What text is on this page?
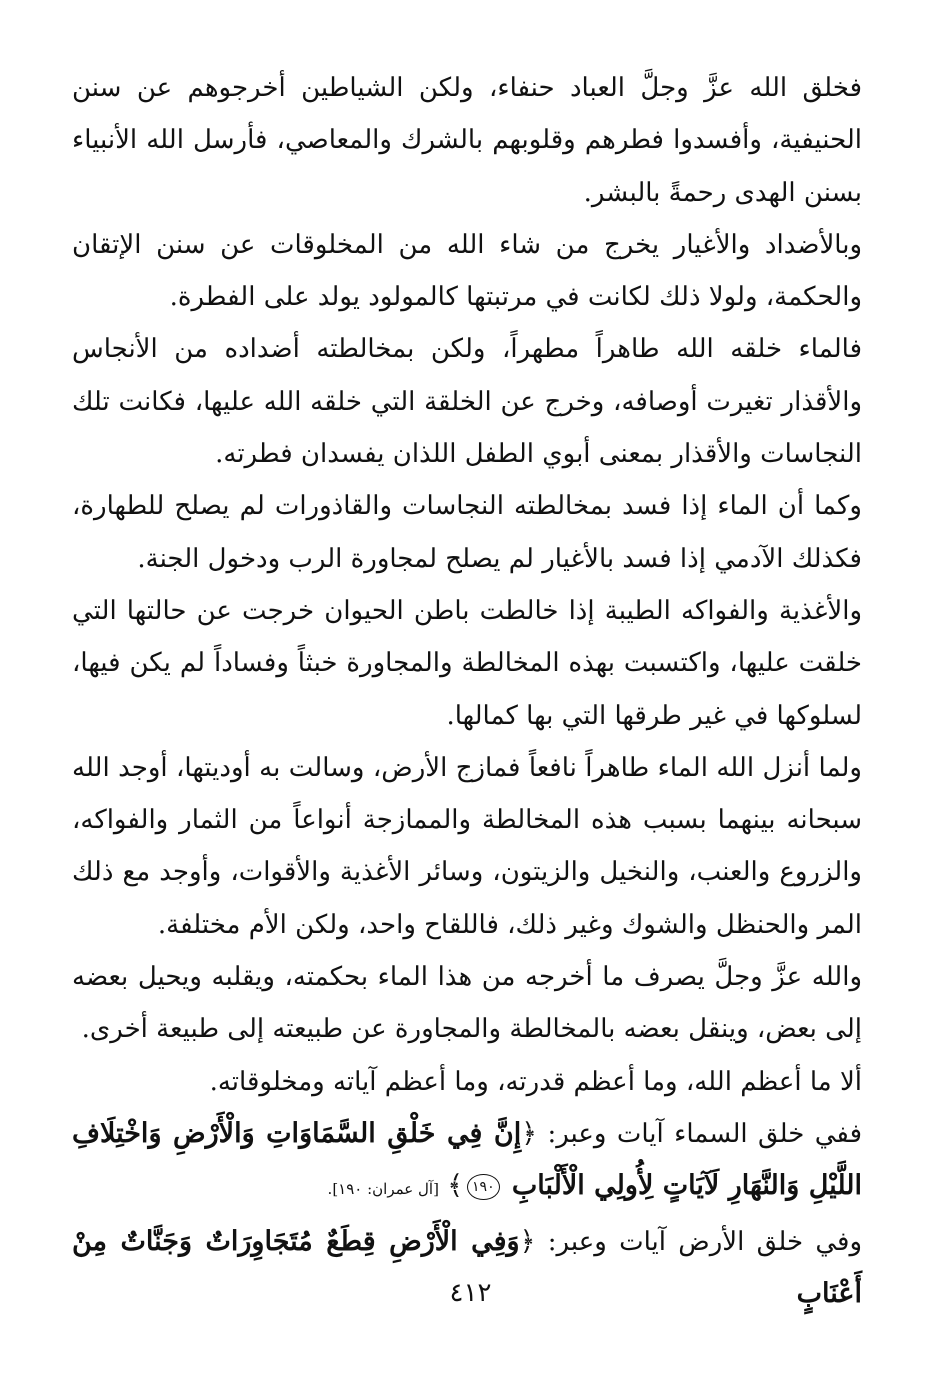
فخلق الله عزَّ وجلَّ العباد حنفاء، ولكن الشياطين أخرجوهم عن سنن الحنيفية، وأفسدوا فطرهم وقلوبهم بالشرك والمعاصي، فأرسل الله الأنبياء بسنن الهدى رحمةً بالبشر.

وبالأضداد والأغيار يخرج من شاء الله من المخلوقات عن سنن الإتقان والحكمة، ولولا ذلك لكانت في مرتبتها كالمولود يولد على الفطرة.

فالماء خلقه الله طاهراً مطهراً، ولكن بمخالطته أضداده من الأنجاس والأقذار تغيرت أوصافه، وخرج عن الخلقة التي خلقه الله عليها، فكانت تلك النجاسات والأقذار بمعنى أبوي الطفل اللذان يفسدان فطرته.

وكما أن الماء إذا فسد بمخالطته النجاسات والقاذورات لم يصلح للطهارة، فكذلك الآدمي إذا فسد بالأغيار لم يصلح لمجاورة الرب ودخول الجنة.

والأغذية والفواكه الطيبة إذا خالطت باطن الحيوان خرجت عن حالتها التي خلقت عليها، واكتسبت بهذه المخالطة والمجاورة خبثاً وفساداً لم يكن فيها، لسلوكها في غير طرقها التي بها كمالها.

ولما أنزل الله الماء طاهراً نافعاً فمازج الأرض، وسالت به أوديتها، أوجد الله سبحانه بينهما بسبب هذه المخالطة والممازجة أنواعاً من الثمار والفواكه، والزروع والعنب، والنخيل والزيتون، وسائر الأغذية والأقوات، وأوجد مع ذلك المر والحنظل والشوك وغير ذلك، فاللقاح واحد، ولكن الأم مختلفة.

والله عزَّ وجلَّ يصرف ما أخرجه من هذا الماء بحكمته، ويقلبه ويحيل بعضه إلى بعض، وينقل بعضه بالمخالطة والمجاورة عن طبيعته إلى طبيعة أخرى.

ألا ما أعظم الله، وما أعظم قدرته، وما أعظم آياته ومخلوقاته.

ففي خلق السماء آيات وعبر: ﴿إِنَّ فِي خَلْقِ السَّمَاوَاتِ وَالْأَرْضِ وَاخْتِلَافِ اللَّيْلِ وَالنَّهَارِ لَآيَاتٍ لِأُولِي الْأَلْبَابِ ١٩٠﴾ [آل عمران: ١٩٠].

وفي خلق الأرض آيات وعبر: ﴿وَفِي الْأَرْضِ قِطَعٌ مُتَجَاوِرَاتٌ وَجَنَّاتٌ مِنْ أَعْنَابٍ

٤١٢
